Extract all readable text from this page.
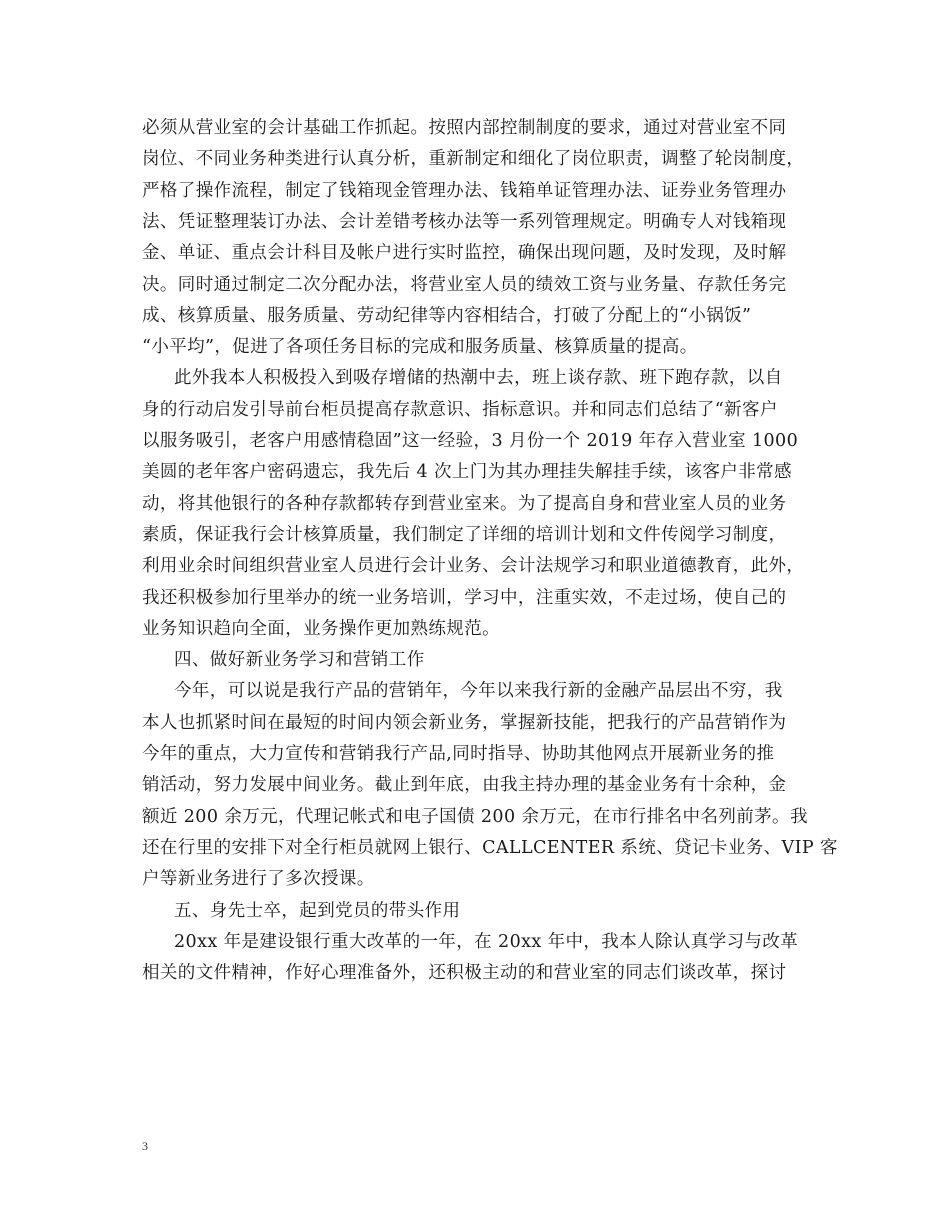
必须从营业室的会计基础工作抓起。按照内部控制制度的要求，通过对营业室不同
岗位、不同业务种类进行认真分析，重新制定和细化了岗位职责，调整了轮岗制度，
严格了操作流程，制定了钱箱现金管理办法、钱箱单证管理办法、证券业务管理办
法、凭证整理装订办法、会计差错考核办法等一系列管理规定。明确专人对钱箱现
金、单证、重点会计科目及帐户进行实时监控，确保出现问题，及时发现，及时解
决。同时通过制定二次分配办法，将营业室人员的绩效工资与业务量、存款任务完
成、核算质量、服务质量、劳动纪律等内容相结合，打破了分配上的“小锅饭”
“小平均”，促进了各项任务目标的完成和服务质量、核算质量的提高。
此外我本人积极投入到吸存增储的热潮中去，班上谈存款、班下跑存款，以自
身的行动启发引导前台柜员提高存款意识、指标意识。并和同志们总结了“新客户
以服务吸引，老客户用感情稳固”这一经验，3 月份一个 2019 年存入营业室 1000
美圆的老年客户密码遗忘，我先后 4 次上门为其办理挂失解挂手续，该客户非常感
动，将其他银行的各种存款都转存到营业室来。为了提高自身和营业室人员的业务
素质，保证我行会计核算质量，我们制定了详细的培训计划和文件传阅学习制度，
利用业余时间组织营业室人员进行会计业务、会计法规学习和职业道德教育，此外，
我还积极参加行里举办的统一业务培训，学习中，注重实效，不走过场，使自己的
业务知识趋向全面，业务操作更加熟练规范。
四、做好新业务学习和营销工作
今年，可以说是我行产品的营销年，今年以来我行新的金融产品层出不穷，我
本人也抓紧时间在最短的时间内领会新业务，掌握新技能，把我行的产品营销作为
今年的重点，大力宣传和营销我行产品,同时指导、协助其他网点开展新业务的推
销活动，努力发展中间业务。截止到年底，由我主持办理的基金业务有十余种，金
额近 200 余万元，代理记帐式和电子国债 200 余万元，在市行排名中名列前茅。我
还在行里的安排下对全行柜员就网上银行、CALLCENTER 系统、贷记卡业务、VIP 客
户等新业务进行了多次授课。
五、身先士卒，起到党员的带头作用
20xx 年是建设银行重大改革的一年，在 20xx 年中，我本人除认真学习与改革
相关的文件精神，作好心理准备外，还积极主动的和营业室的同志们谈改革，探讨
3
